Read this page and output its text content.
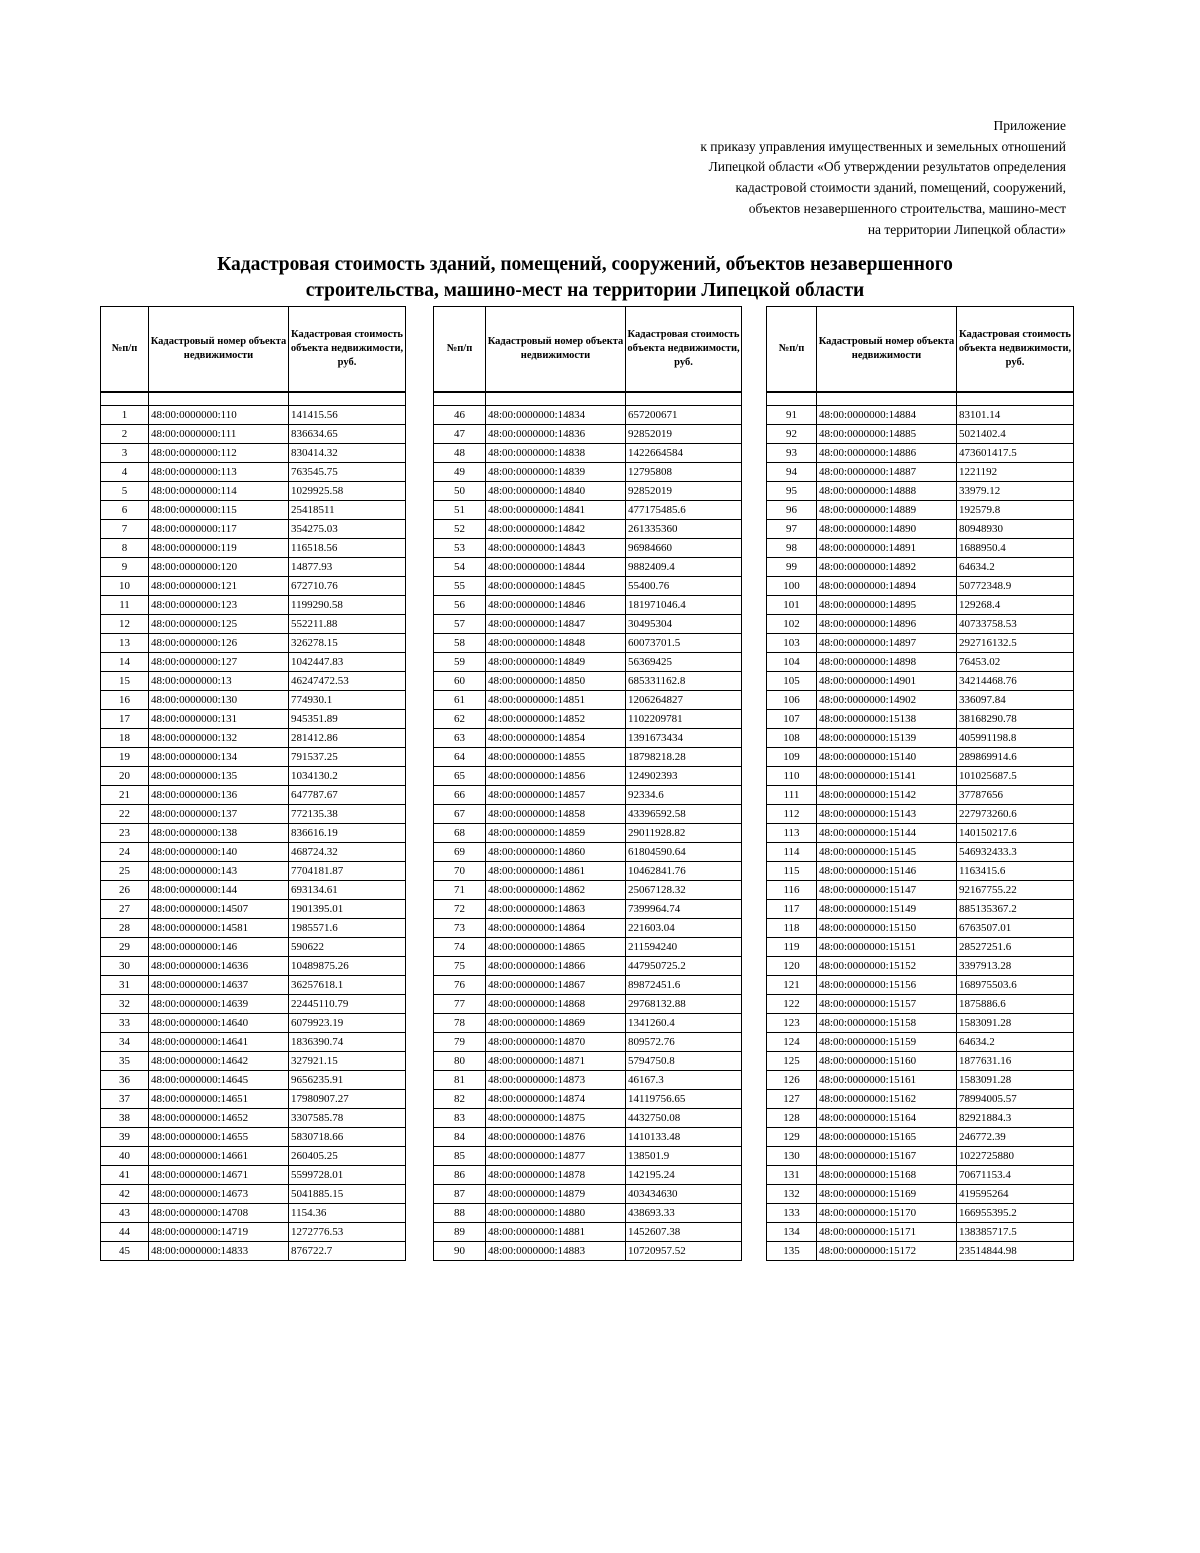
Приложение
к приказу управления имущественных и земельных отношений
Липецкой области «Об утверждении результатов определения
кадастровой стоимости зданий, помещений, сооружений,
объектов незавершенного строительства, машино-мест
на территории Липецкой области»
Кадастровая стоимость зданий, помещений, сооружений, объектов незавершенного
строительства, машино-мест на территории Липецкой области
№п/п	Кадастровый номер объекта недвижимости	Кадастровая стоимость объекта недвижимости, руб.

1	48:00:0000000:110	141415.56
2	48:00:0000000:111	836634.65
3	48:00:0000000:112	830414.32
4	48:00:0000000:113	763545.75
5	48:00:0000000:114	1029925.58
6	48:00:0000000:115	25418511
7	48:00:0000000:117	354275.03
8	48:00:0000000:119	116518.56
9	48:00:0000000:120	14877.93
10	48:00:0000000:121	672710.76
11	48:00:0000000:123	1199290.58
12	48:00:0000000:125	552211.88
13	48:00:0000000:126	326278.15
14	48:00:0000000:127	1042447.83
15	48:00:0000000:13	46247472.53
16	48:00:0000000:130	774930.1
17	48:00:0000000:131	945351.89
18	48:00:0000000:132	281412.86
19	48:00:0000000:134	791537.25
20	48:00:0000000:135	1034130.2
21	48:00:0000000:136	647787.67
22	48:00:0000000:137	772135.38
23	48:00:0000000:138	836616.19
24	48:00:0000000:140	468724.32
25	48:00:0000000:143	7704181.87
26	48:00:0000000:144	693134.61
27	48:00:0000000:14507	1901395.01
28	48:00:0000000:14581	1985571.6
29	48:00:0000000:146	590622
30	48:00:0000000:14636	10489875.26
31	48:00:0000000:14637	36257618.1
32	48:00:0000000:14639	22445110.79
33	48:00:0000000:14640	6079923.19
34	48:00:0000000:14641	1836390.74
35	48:00:0000000:14642	327921.15
36	48:00:0000000:14645	9656235.91
37	48:00:0000000:14651	17980907.27
38	48:00:0000000:14652	3307585.78
39	48:00:0000000:14655	5830718.66
40	48:00:0000000:14661	260405.25
41	48:00:0000000:14671	5599728.01
42	48:00:0000000:14673	5041885.15
43	48:00:0000000:14708	1154.36
44	48:00:0000000:14719	1272776.53
45	48:00:0000000:14833	876722.7
№п/п	Кадастровый номер объекта недвижимости	Кадастровая стоимость объекта недвижимости, руб.

46	48:00:0000000:14834	657200671
47	48:00:0000000:14836	92852019
48	48:00:0000000:14838	1422664584
49	48:00:0000000:14839	12795808
50	48:00:0000000:14840	92852019
51	48:00:0000000:14841	477175485.6
52	48:00:0000000:14842	261335360
53	48:00:0000000:14843	96984660
54	48:00:0000000:14844	9882409.4
55	48:00:0000000:14845	55400.76
56	48:00:0000000:14846	181971046.4
57	48:00:0000000:14847	30495304
58	48:00:0000000:14848	60073701.5
59	48:00:0000000:14849	56369425
60	48:00:0000000:14850	685331162.8
61	48:00:0000000:14851	1206264827
62	48:00:0000000:14852	1102209781
63	48:00:0000000:14854	1391673434
64	48:00:0000000:14855	18798218.28
65	48:00:0000000:14856	124902393
66	48:00:0000000:14857	92334.6
67	48:00:0000000:14858	43396592.58
68	48:00:0000000:14859	29011928.82
69	48:00:0000000:14860	61804590.64
70	48:00:0000000:14861	10462841.76
71	48:00:0000000:14862	25067128.32
72	48:00:0000000:14863	7399964.74
73	48:00:0000000:14864	221603.04
74	48:00:0000000:14865	211594240
75	48:00:0000000:14866	447950725.2
76	48:00:0000000:14867	89872451.6
77	48:00:0000000:14868	29768132.88
78	48:00:0000000:14869	1341260.4
79	48:00:0000000:14870	809572.76
80	48:00:0000000:14871	5794750.8
81	48:00:0000000:14873	46167.3
82	48:00:0000000:14874	14119756.65
83	48:00:0000000:14875	4432750.08
84	48:00:0000000:14876	1410133.48
85	48:00:0000000:14877	138501.9
86	48:00:0000000:14878	142195.24
87	48:00:0000000:14879	403434630
88	48:00:0000000:14880	438693.33
89	48:00:0000000:14881	1452607.38
90	48:00:0000000:14883	10720957.52
№п/п	Кадастровый номер объекта недвижимости	Кадастровая стоимость объекта недвижимости, руб.

91	48:00:0000000:14884	83101.14
92	48:00:0000000:14885	5021402.4
93	48:00:0000000:14886	473601417.5
94	48:00:0000000:14887	1221192
95	48:00:0000000:14888	33979.12
96	48:00:0000000:14889	192579.8
97	48:00:0000000:14890	80948930
98	48:00:0000000:14891	1688950.4
99	48:00:0000000:14892	64634.2
100	48:00:0000000:14894	50772348.9
101	48:00:0000000:14895	129268.4
102	48:00:0000000:14896	40733758.53
103	48:00:0000000:14897	292716132.5
104	48:00:0000000:14898	76453.02
105	48:00:0000000:14901	34214468.76
106	48:00:0000000:14902	336097.84
107	48:00:0000000:15138	38168290.78
108	48:00:0000000:15139	405991198.8
109	48:00:0000000:15140	289869914.6
110	48:00:0000000:15141	101025687.5
111	48:00:0000000:15142	37787656
112	48:00:0000000:15143	227973260.6
113	48:00:0000000:15144	140150217.6
114	48:00:0000000:15145	546932433.3
115	48:00:0000000:15146	1163415.6
116	48:00:0000000:15147	92167755.22
117	48:00:0000000:15149	885135367.2
118	48:00:0000000:15150	6763507.01
119	48:00:0000000:15151	28527251.6
120	48:00:0000000:15152	3397913.28
121	48:00:0000000:15156	168975503.6
122	48:00:0000000:15157	1875886.6
123	48:00:0000000:15158	1583091.28
124	48:00:0000000:15159	64634.2
125	48:00:0000000:15160	1877631.16
126	48:00:0000000:15161	1583091.28
127	48:00:0000000:15162	78994005.57
128	48:00:0000000:15164	82921884.3
129	48:00:0000000:15165	246772.39
130	48:00:0000000:15167	1022725880
131	48:00:0000000:15168	70671153.4
132	48:00:0000000:15169	419595264
133	48:00:0000000:15170	166955395.2
134	48:00:0000000:15171	138385717.5
135	48:00:0000000:15172	23514844.98
